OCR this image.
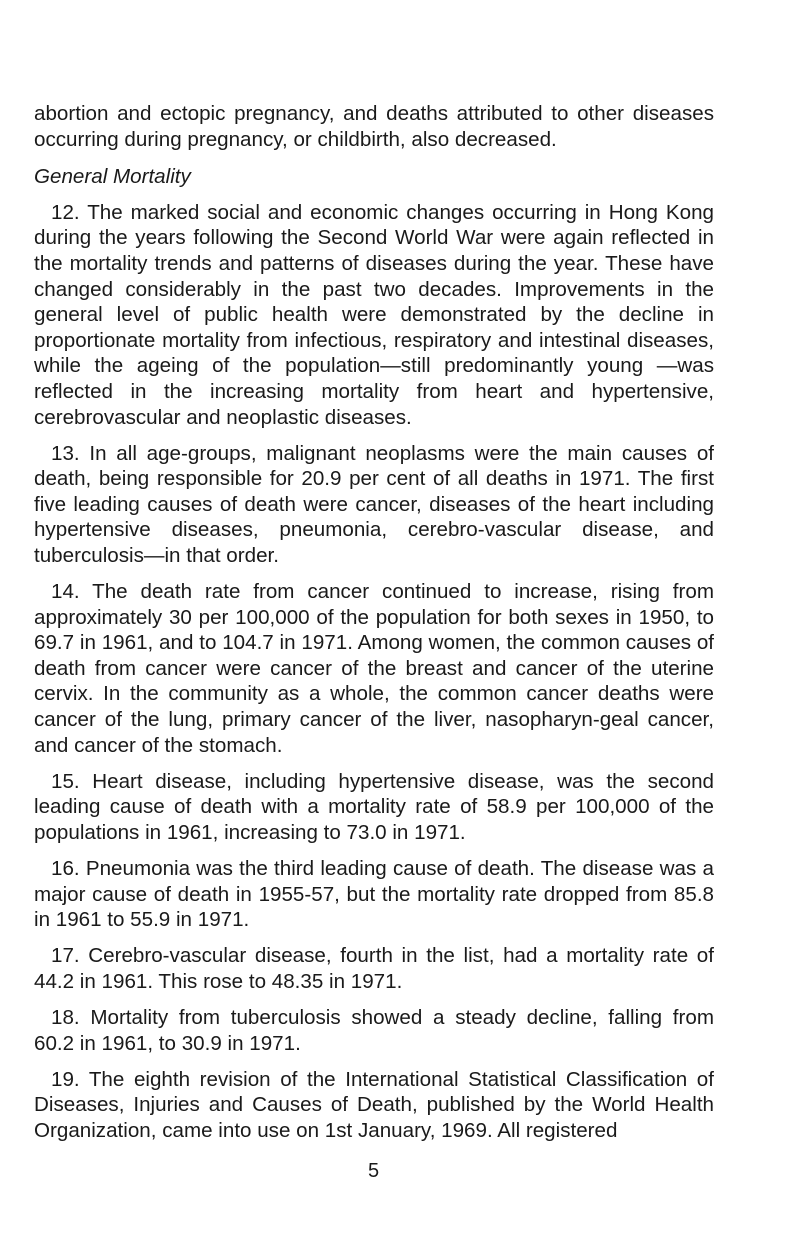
abortion and ectopic pregnancy, and deaths attributed to other diseases occurring during pregnancy, or childbirth, also decreased.

General Mortality

12. The marked social and economic changes occurring in Hong Kong during the years following the Second World War were again reflected in the mortality trends and patterns of diseases during the year. These have changed considerably in the past two decades. Improvements in the general level of public health were demonstrated by the decline in proportionate mortality from infectious, respiratory and intestinal diseases, while the ageing of the population—still predominantly young —was reflected in the increasing mortality from heart and hypertensive, cerebrovascular and neoplastic diseases.

13. In all age-groups, malignant neoplasms were the main causes of death, being responsible for 20.9 per cent of all deaths in 1971. The first five leading causes of death were cancer, diseases of the heart including hypertensive diseases, pneumonia, cerebro-vascular disease, and tuberculosis—in that order.

14. The death rate from cancer continued to increase, rising from approximately 30 per 100,000 of the population for both sexes in 1950, to 69.7 in 1961, and to 104.7 in 1971. Among women, the common causes of death from cancer were cancer of the breast and cancer of the uterine cervix. In the community as a whole, the common cancer deaths were cancer of the lung, primary cancer of the liver, nasopharyn-geal cancer, and cancer of the stomach.

15. Heart disease, including hypertensive disease, was the second leading cause of death with a mortality rate of 58.9 per 100,000 of the populations in 1961, increasing to 73.0 in 1971.

16. Pneumonia was the third leading cause of death. The disease was a major cause of death in 1955-57, but the mortality rate dropped from 85.8 in 1961 to 55.9 in 1971.

17. Cerebro-vascular disease, fourth in the list, had a mortality rate of 44.2 in 1961. This rose to 48.35 in 1971.

18. Mortality from tuberculosis showed a steady decline, falling from 60.2 in 1961, to 30.9 in 1971.

19. The eighth revision of the International Statistical Classification of Diseases, Injuries and Causes of Death, published by the World Health Organization, came into use on 1st January, 1969. All registered

5
